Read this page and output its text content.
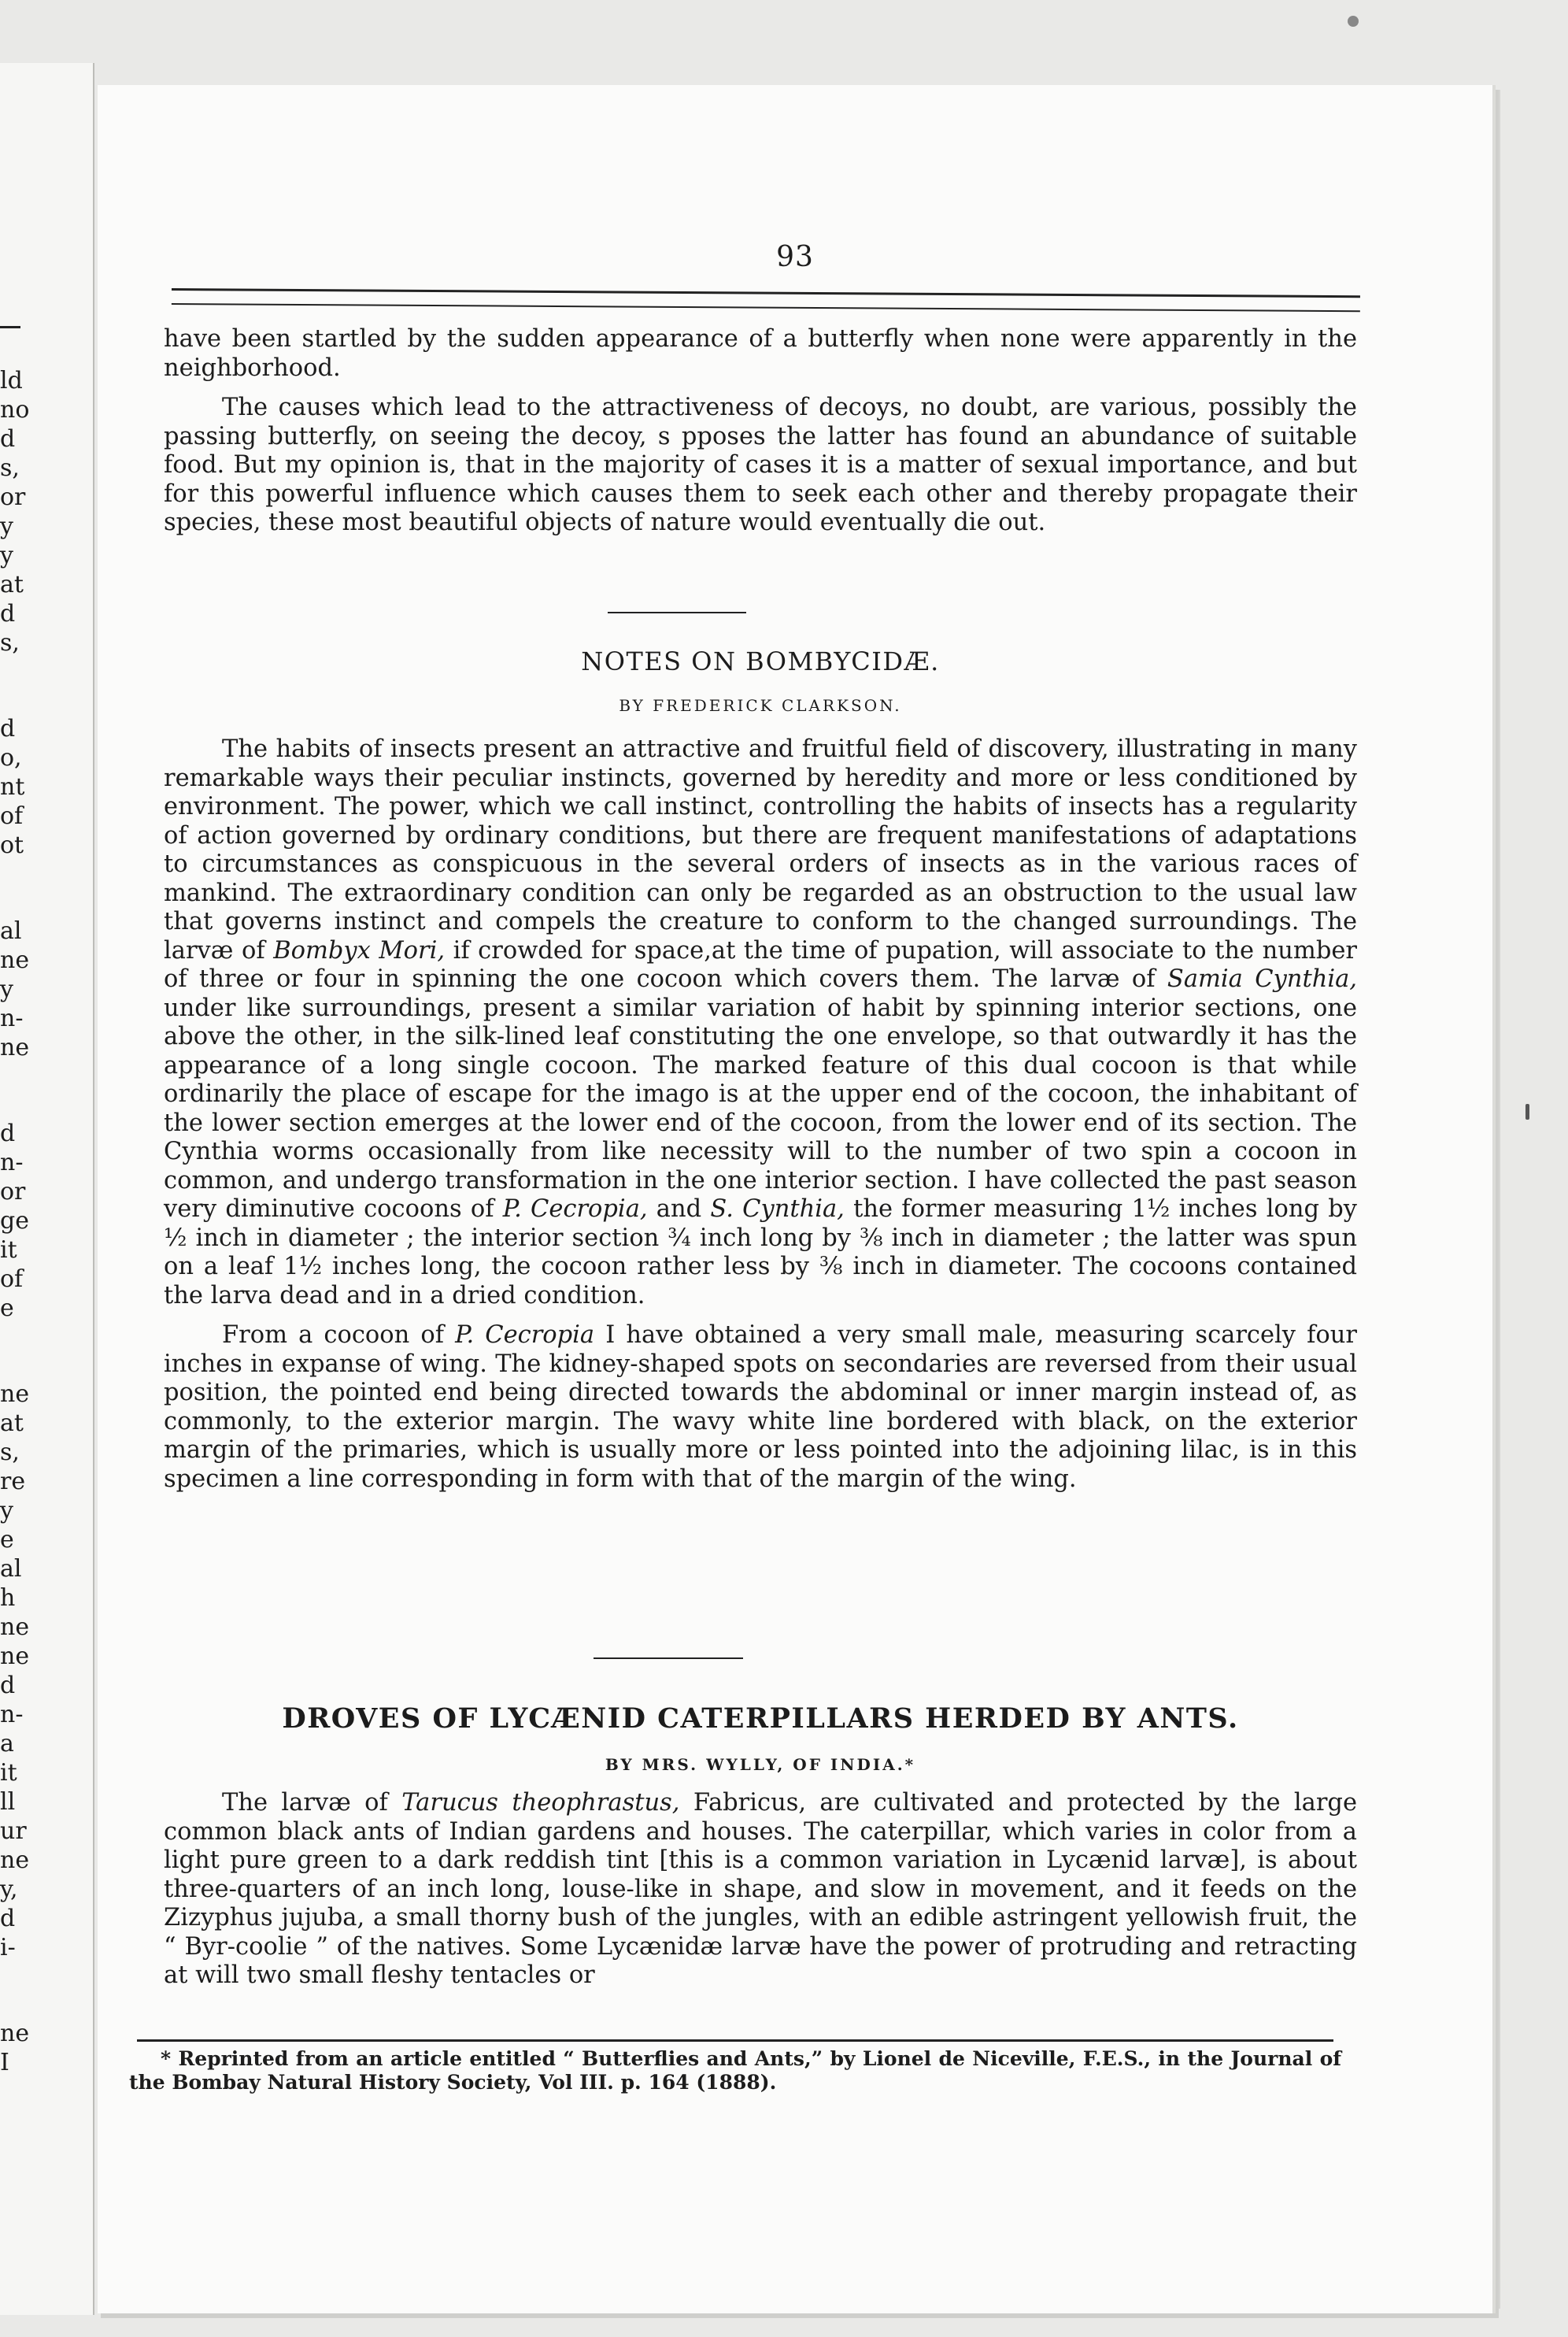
ld
no
d
s,
or
y
y
at
d
s,
d
o,
nt
of
ot
al
ne
y
n-
ne
d
n-
or
ge
it
of
e
ne
at
s,
re
y
e
al
h
ne
ne
d
n-
a
it
ll
ur
ne
y,
d
i-
ne
I
93

have been startled by the sudden appearance of a butterfly when none were apparently in the neighborhood.

The causes which lead to the attractiveness of decoys, no doubt, are various, possibly the passing butterfly, on seeing the decoy, s pposes the latter has found an abundance of suitable food. But my opinion is, that in the majority of cases it is a matter of sexual importance, and but for this powerful influence which causes them to seek each other and thereby propagate their species, these most beautiful objects of nature would eventually die out.

NOTES ON BOMBYCIDÆ.
BY FREDERICK CLARKSON.

The habits of insects present an attractive and fruitful field of discovery, illustrating in many remarkable ways their peculiar instincts, governed by heredity and more or less conditioned by environment. The power, which we call instinct, controlling the habits of insects has a regularity of action governed by ordinary conditions, but there are frequent manifestations of adaptations to circumstances as conspicuous in the several orders of insects as in the various races of mankind. The extraordinary condition can only be regarded as an obstruction to the usual law that governs instinct and compels the creature to conform to the changed surroundings. The larvæ of Bombyx Mori, if crowded for space,at the time of pupation, will associate to the number of three or four in spinning the one cocoon which covers them. The larvæ of Samia Cynthia, under like surroundings, present a similar variation of habit by spinning interior sections, one above the other, in the silk-lined leaf constituting the one envelope, so that outwardly it has the appearance of a long single cocoon. The marked feature of this dual cocoon is that while ordinarily the place of escape for the imago is at the upper end of the cocoon, the inhabitant of the lower section emerges at the lower end of the cocoon, from the lower end of its section. The Cynthia worms occasionally from like necessity will to the number of two spin a cocoon in common, and undergo transformation in the one interior section. I have collected the past season very diminutive cocoons of P. Cecropia, and S. Cynthia, the former measuring 1½ inches long by ½ inch in diameter ; the interior section ¾ inch long by ⅜ inch in diameter ; the latter was spun on a leaf 1½ inches long, the cocoon rather less by ⅜ inch in diameter. The cocoons contained the larva dead and in a dried condition.

From a cocoon of P. Cecropia I have obtained a very small male, measuring scarcely four inches in expanse of wing. The kidney-shaped spots on secondaries are reversed from their usual position, the pointed end being directed towards the abdominal or inner margin instead of, as commonly, to the exterior margin. The wavy white line bordered with black, on the exterior margin of the primaries, which is usually more or less pointed into the adjoining lilac, is in this specimen a line corresponding in form with that of the margin of the wing.

DROVES OF LYCÆNID CATERPILLARS HERDED BY ANTS.
BY MRS. WYLLY, OF INDIA.*

The larvæ of Tarucus theophrastus, Fabricus, are cultivated and protected by the large common black ants of Indian gardens and houses. The caterpillar, which varies in color from a light pure green to a dark reddish tint [this is a common variation in Lycænid larvæ], is about three-quarters of an inch long, louse-like in shape, and slow in movement, and it feeds on the Zizyphus jujuba, a small thorny bush of the jungles, with an edible astringent yellowish fruit, the “ Byr-coolie ” of the natives. Some Lycænidæ larvæ have the power of protruding and retracting at will two small fleshy tentacles or

* Reprinted from an article entitled “ Butterflies and Ants,” by Lionel de Niceville, F.E.S., in the Journal of the Bombay Natural History Society, Vol III. p. 164 (1888).
